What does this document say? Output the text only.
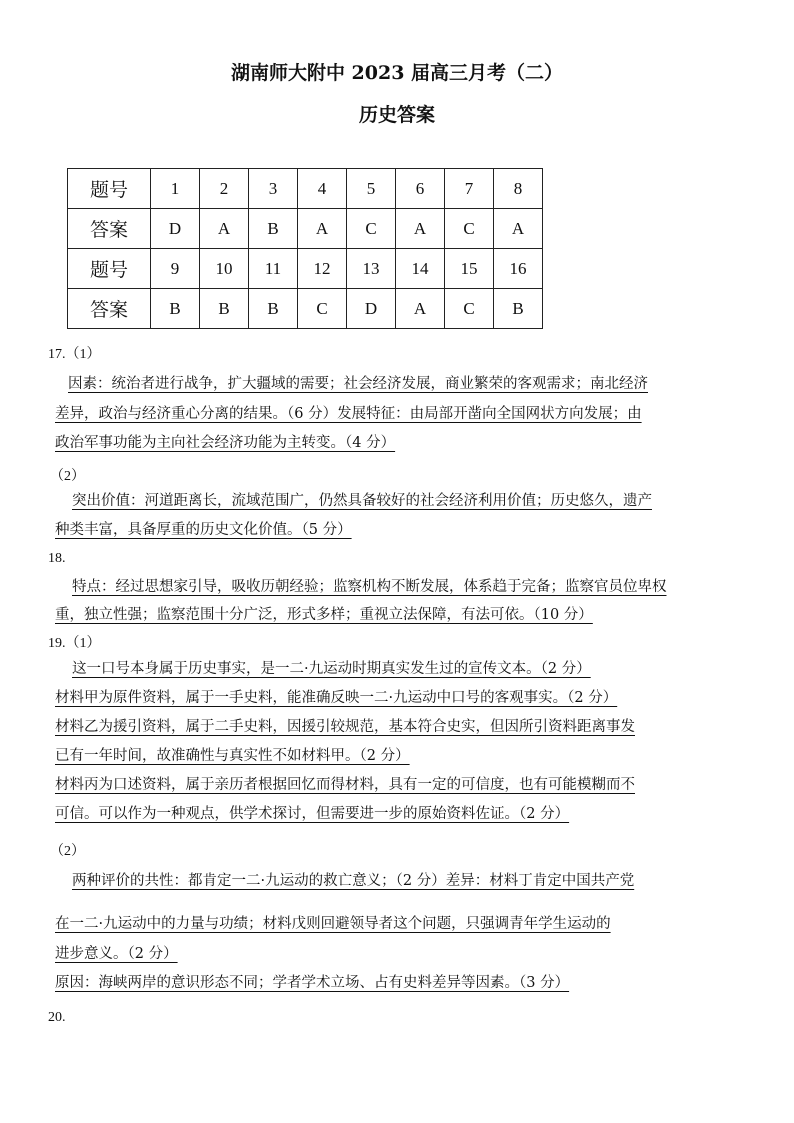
湖南师大附中 2023 届高三月考（二）
历史答案
题号	1	2	3	4	5	6	7	8
答案	D	A	B	A	C	A	C	A
题号	9	10	11	12	13	14	15	16
答案	B	B	B	C	D	A	C	B
17.（1）
因素：统治者进行战争，扩大疆域的需要；社会经济发展，商业繁荣的客观需求；南北经济
差异，政治与经济重心分离的结果。（6 分）发展特征：由局部开凿向全国网状方向发展；由
政治军事功能为主向社会经济功能为主转变。（4 分）
（2）
突出价值：河道距离长，流域范围广，仍然具备较好的社会经济利用价值；历史悠久，遗产
种类丰富，具备厚重的历史文化价值。（5 分）
18.
特点：经过思想家引导，吸收历朝经验；监察机构不断发展，体系趋于完备；监察官员位卑权
重，独立性强；监察范围十分广泛，形式多样；重视立法保障，有法可依。（10 分）
19.（1）
这一口号本身属于历史事实，是一二·九运动时期真实发生过的宣传文本。（2 分）
材料甲为原件资料，属于一手史料，能准确反映一二·九运动中口号的客观事实。（2 分）
材料乙为援引资料，属于二手史料，因援引较规范，基本符合史实，但因所引资料距离事发
已有一年时间，故准确性与真实性不如材料甲。（2 分）
材料丙为口述资料，属于亲历者根据回忆而得材料，具有一定的可信度，也有可能模糊而不
可信。可以作为一种观点，供学术探讨，但需要进一步的原始资料佐证。（2 分）
（2）
两种评价的共性：都肯定一二·九运动的救亡意义；（2 分）差异：材料丁肯定中国共产党
在一二·九运动中的力量与功绩；材料戊则回避领导者这个问题，只强调青年学生运动的
进步意义。（2 分）
原因：海峡两岸的意识形态不同；学者学术立场、占有史料差异等因素。（3 分）
20.
